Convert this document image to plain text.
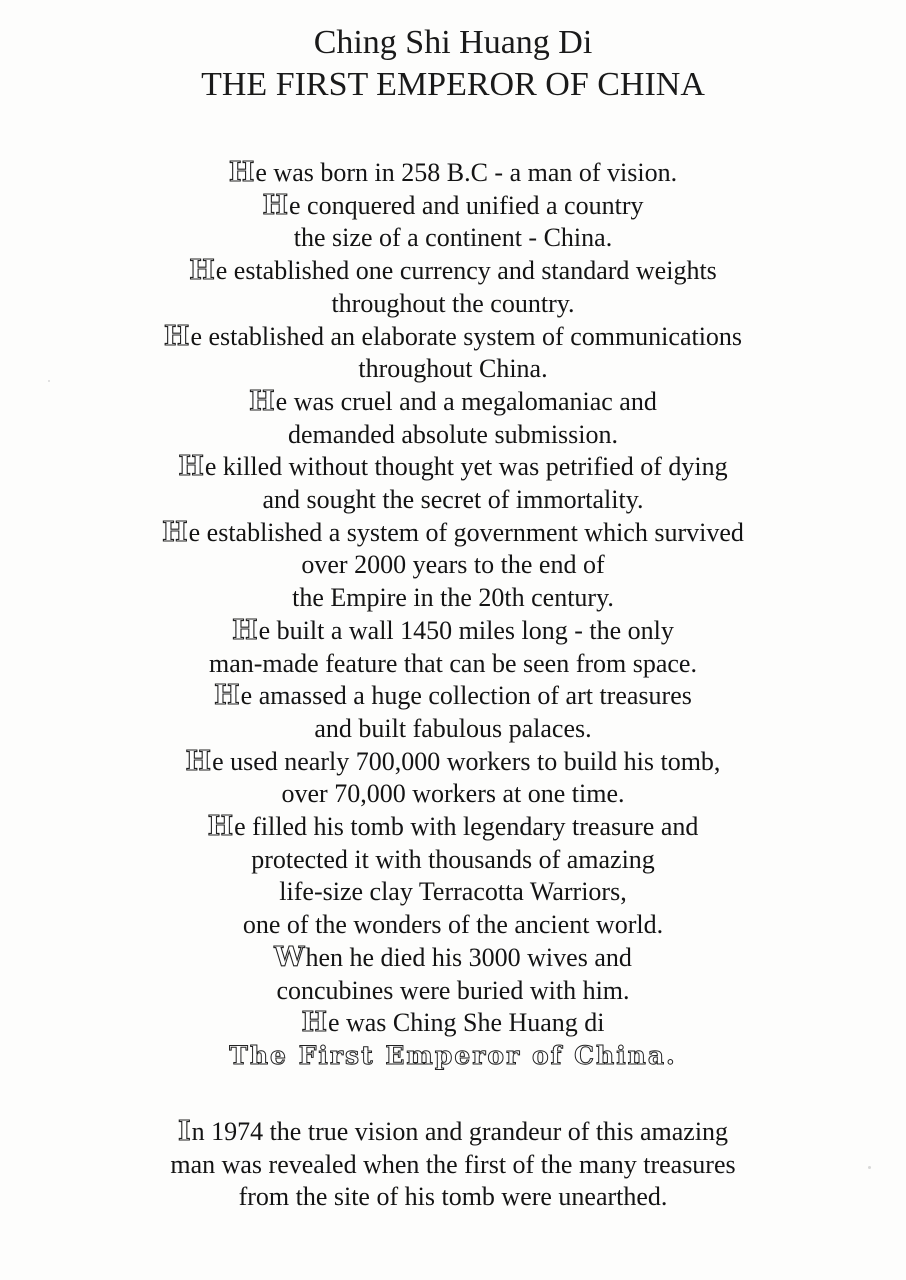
Ching Shi Huang Di
THE FIRST EMPEROR OF CHINA
He was born in 258 B.C - a man of vision.
He conquered and unified a country
the size of a continent - China.
He established one currency and standard weights
throughout the country.
He established an elaborate system of communications
throughout China.
He was cruel and a megalomaniac and
demanded absolute submission.
He killed without thought yet was petrified of dying
and sought the secret of immortality.
He established a system of government which survived
over 2000 years to the end of
the Empire in the 20th century.
He built a wall 1450 miles long - the only
man-made feature that can be seen from space.
He amassed a huge collection of art treasures
and built fabulous palaces.
He used nearly 700,000 workers to build his tomb,
over 70,000 workers at one time.
He filled his tomb with legendary treasure and
protected it with thousands of amazing
life-size clay Terracotta Warriors,
one of the wonders of the ancient world.
When he died his 3000 wives and
concubines were buried with him.
He was Ching She Huang di
The First Emperor of China.
In 1974 the true vision and grandeur of this amazing
man was revealed when the first of the many treasures
from the site of his tomb were unearthed.
